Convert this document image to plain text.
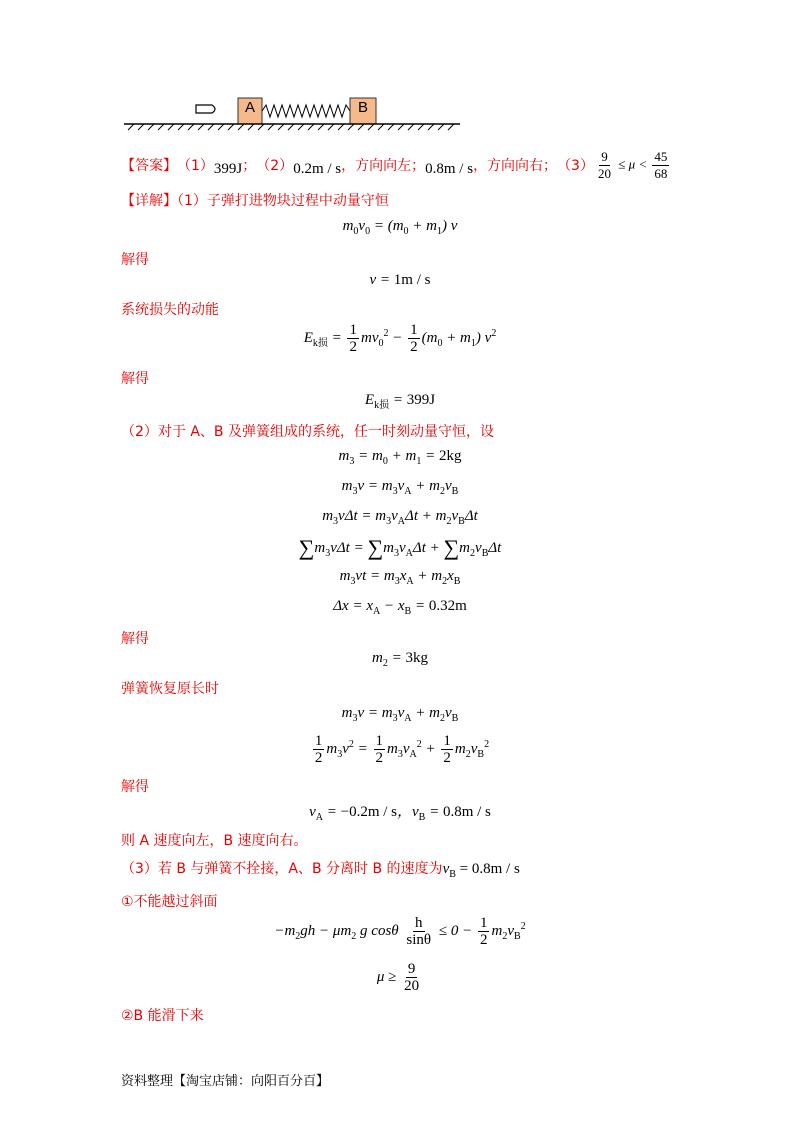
A	B
【答案】 （1） 399J ； （2） 0.2m / s ，方向向左； 0.8m / s ，方向向右； $(3) \frac{9}{20} \le \mu < \frac{45}{68}$
【详解】（1）子弹打进物块过程中动量守恒
$m_0v_0 = (m_0 + m_1)$ v
解得
v = 1m / s
系统损失的动能
$E_{k损} = \frac{1}{2} mv_0^2 - \frac{1}{2} (m_0 + m_1)$ $v^2$
解得
$E_{k损} = 399J$
（2）对于 A、B 及弹簧组成的系统，任一时刻动量守恒，设
$m_3 = m_0 + m_1 = 2kg$
$m_3v = m_3v_A + m_2v_B$
$m_3v\Delta t = m_3v_A\Delta t + m_2v_B\Delta t$
$\sum m_3v\Delta t = \sum m_3v_A\Delta t + \sum m_2v_B\Delta t$
$m_3vt = m_3x_A + m_2x_B$
$\Delta x = x_A - x_B = 0.32m$
解得
$m_2 = 3kg$
弹簧恢复原长时
$m_3v = m_3v_A + m_2v_B$
$\frac{1}{2} m_3v^2 = \frac{1}{2} m_3v_A^2 + \frac{1}{2} m_2v_B^2$
解得
$v_A = -0.2m / s$，$v_B = 0.8m / s$
则 A 速度向左，B 速度向右。
（3）若 B 与弹簧不拴接，A、B 分离时 B 的速度为$v_B = 0.8m / s$
①不能越过斜面
$-m_2gh - \mu m_2$ g cosθ $\frac{h}{\sin\theta} \le 0 - \frac{1}{2} m_2v_B^2$
$\mu \ge \frac{9}{20}$
②B 能滑下来
资料整理【淘宝店铺：向阳百分百】
